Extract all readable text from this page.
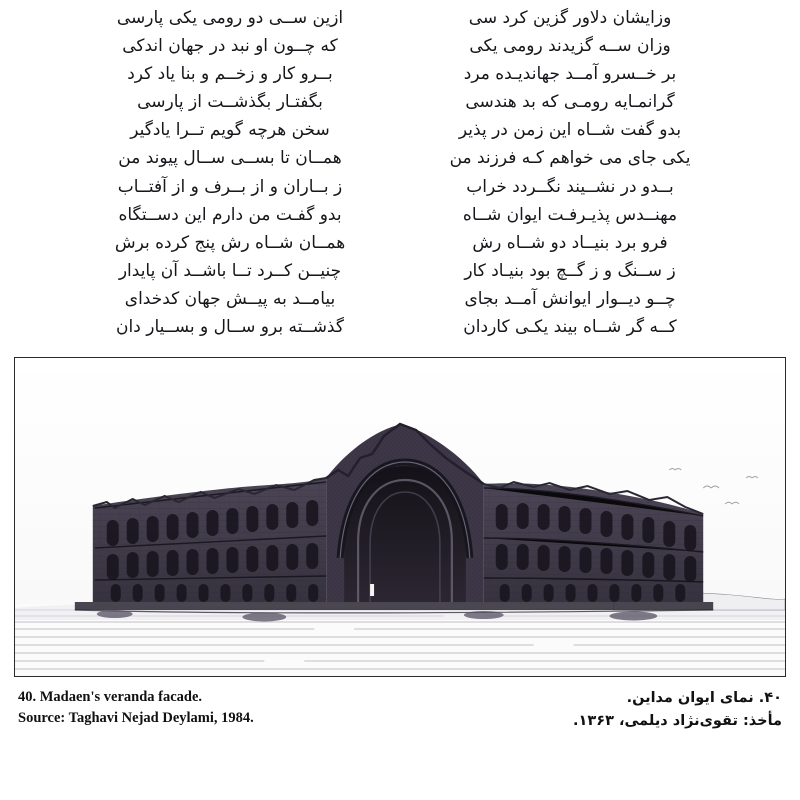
وزایشان دلاور گزین کرد سی
وزان ســه گزیدند رومی یکی
بر خــسرو آمــد جهاندیـده مرد
گرانمـایه رومـی که بد هندسی
بدو گفت شــاه این زمن در پذیر
یکی جای می خواهم کـه فرزند من
بــدو در نشــیند نگــردد خراب
مهنــدس پذیـرفـت ایوان شــاه
فرو برد بنیــاد دو شــاه رش
ز ســنگ و ز گــچ بود بنیـاد کار
چــو دیــوار ایوانش آمــد بجای
کــه گر شــاه بیند یکـی کاردان
ازین ســی دو رومی یکی پارسی
که چــون او نبد در جهان اندکی
بــرو کار و زخــم و بنا یاد کرد
بگفتـار بگذشــت از پارسی
سخن هرچه گویم تــرا یادگیر
همــان تا بســی ســال پیوند من
ز بــاران و از بــرف و از آفتــاب
بدو گفـت من دارم این دســتگاه
همــان شــاه رش پنج کرده برش
چنیــن کــرد تــا باشــد آن پایدار
بیامــد به پیــش جهان کدخدای
گذشــته برو ســال و بســیار دان
40. Madaen's veranda facade.
Source: Taghavi Nejad Deylami, 1984.
۴۰. نمای ایوان مداین.
مأخذ: تقوی‌نژاد دیلمی، ۱۳۶۳.
